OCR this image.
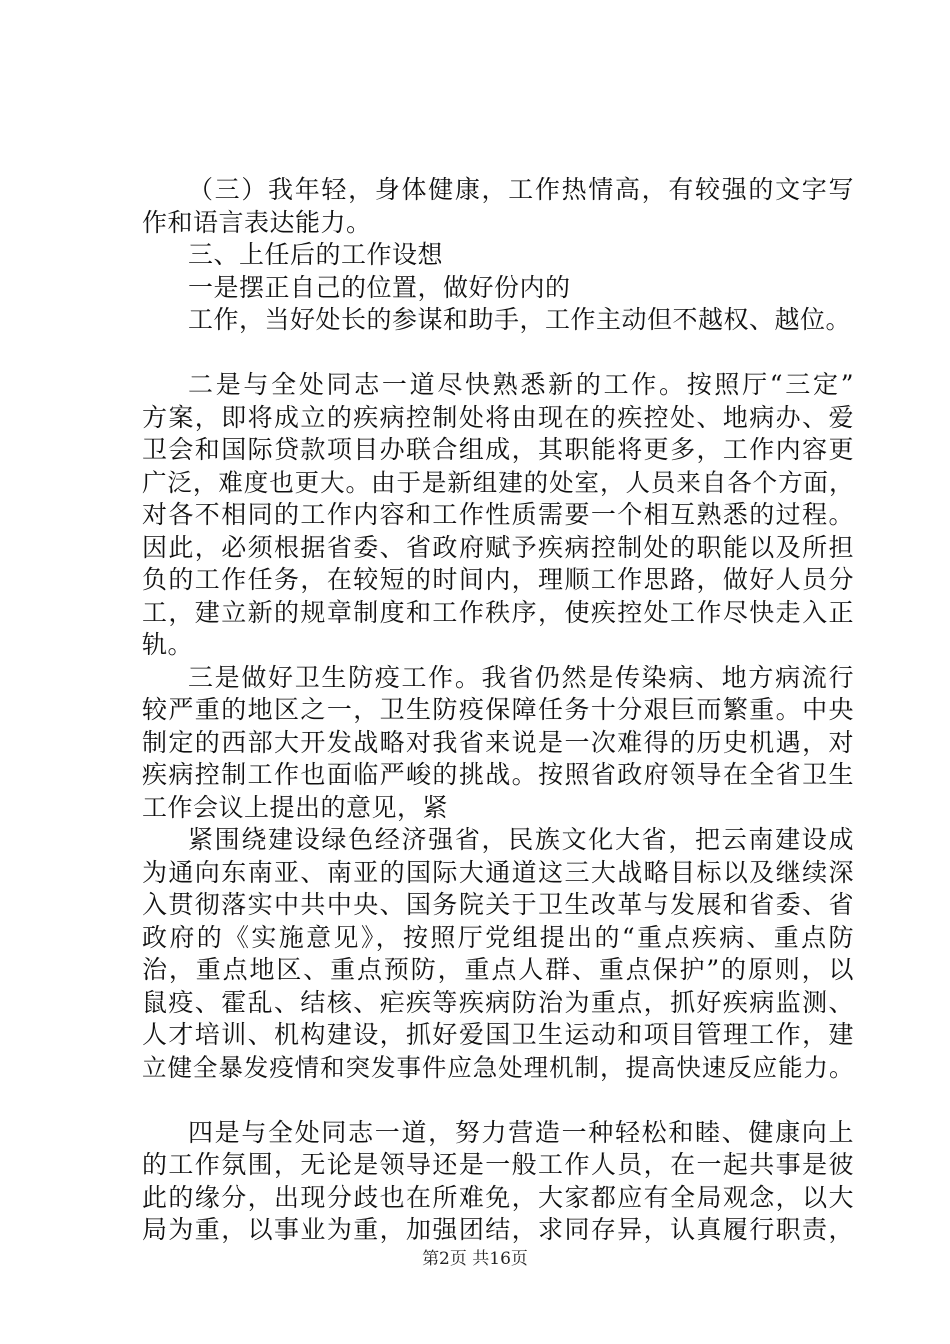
（三）我年轻，身体健康，工作热情高，有较强的文字写
作和语言表达能力。
三、上任后的工作设想
一是摆正自己的位置，做好份内的
工作，当好处长的参谋和助手，工作主动但不越权、越位。
二是与全处同志一道尽快熟悉新的工作。按照厅“三定”
方案，即将成立的疾病控制处将由现在的疾控处、地病办、爱
卫会和国际贷款项目办联合组成，其职能将更多，工作内容更
广泛，难度也更大。由于是新组建的处室，人员来自各个方面，
对各不相同的工作内容和工作性质需要一个相互熟悉的过程。
因此，必须根据省委、省政府赋予疾病控制处的职能以及所担
负的工作任务，在较短的时间内，理顺工作思路，做好人员分
工，建立新的规章制度和工作秩序，使疾控处工作尽快走入正
轨。
三是做好卫生防疫工作。我省仍然是传染病、地方病流行
较严重的地区之一，卫生防疫保障任务十分艰巨而繁重。中央
制定的西部大开发战略对我省来说是一次难得的历史机遇，对
疾病控制工作也面临严峻的挑战。按照省政府领导在全省卫生
工作会议上提出的意见，紧
紧围绕建设绿色经济强省，民族文化大省，把云南建设成
为通向东南亚、南亚的国际大通道这三大战略目标以及继续深
入贯彻落实中共中央、国务院关于卫生改革与发展和省委、省
政府的《实施意见》，按照厅党组提出的“重点疾病、重点防
治，重点地区、重点预防，重点人群、重点保护”的原则，以
鼠疫、霍乱、结核、疟疾等疾病防治为重点，抓好疾病监测、
人才培训、机构建设，抓好爱国卫生运动和项目管理工作，建
立健全暴发疫情和突发事件应急处理机制，提高快速反应能力。
四是与全处同志一道，努力营造一种轻松和睦、健康向上
的工作氛围，无论是领导还是一般工作人员，在一起共事是彼
此的缘分，出现分歧也在所难免，大家都应有全局观念，以大
局为重，以事业为重，加强团结，求同存异，认真履行职责，
第2页 共16页
